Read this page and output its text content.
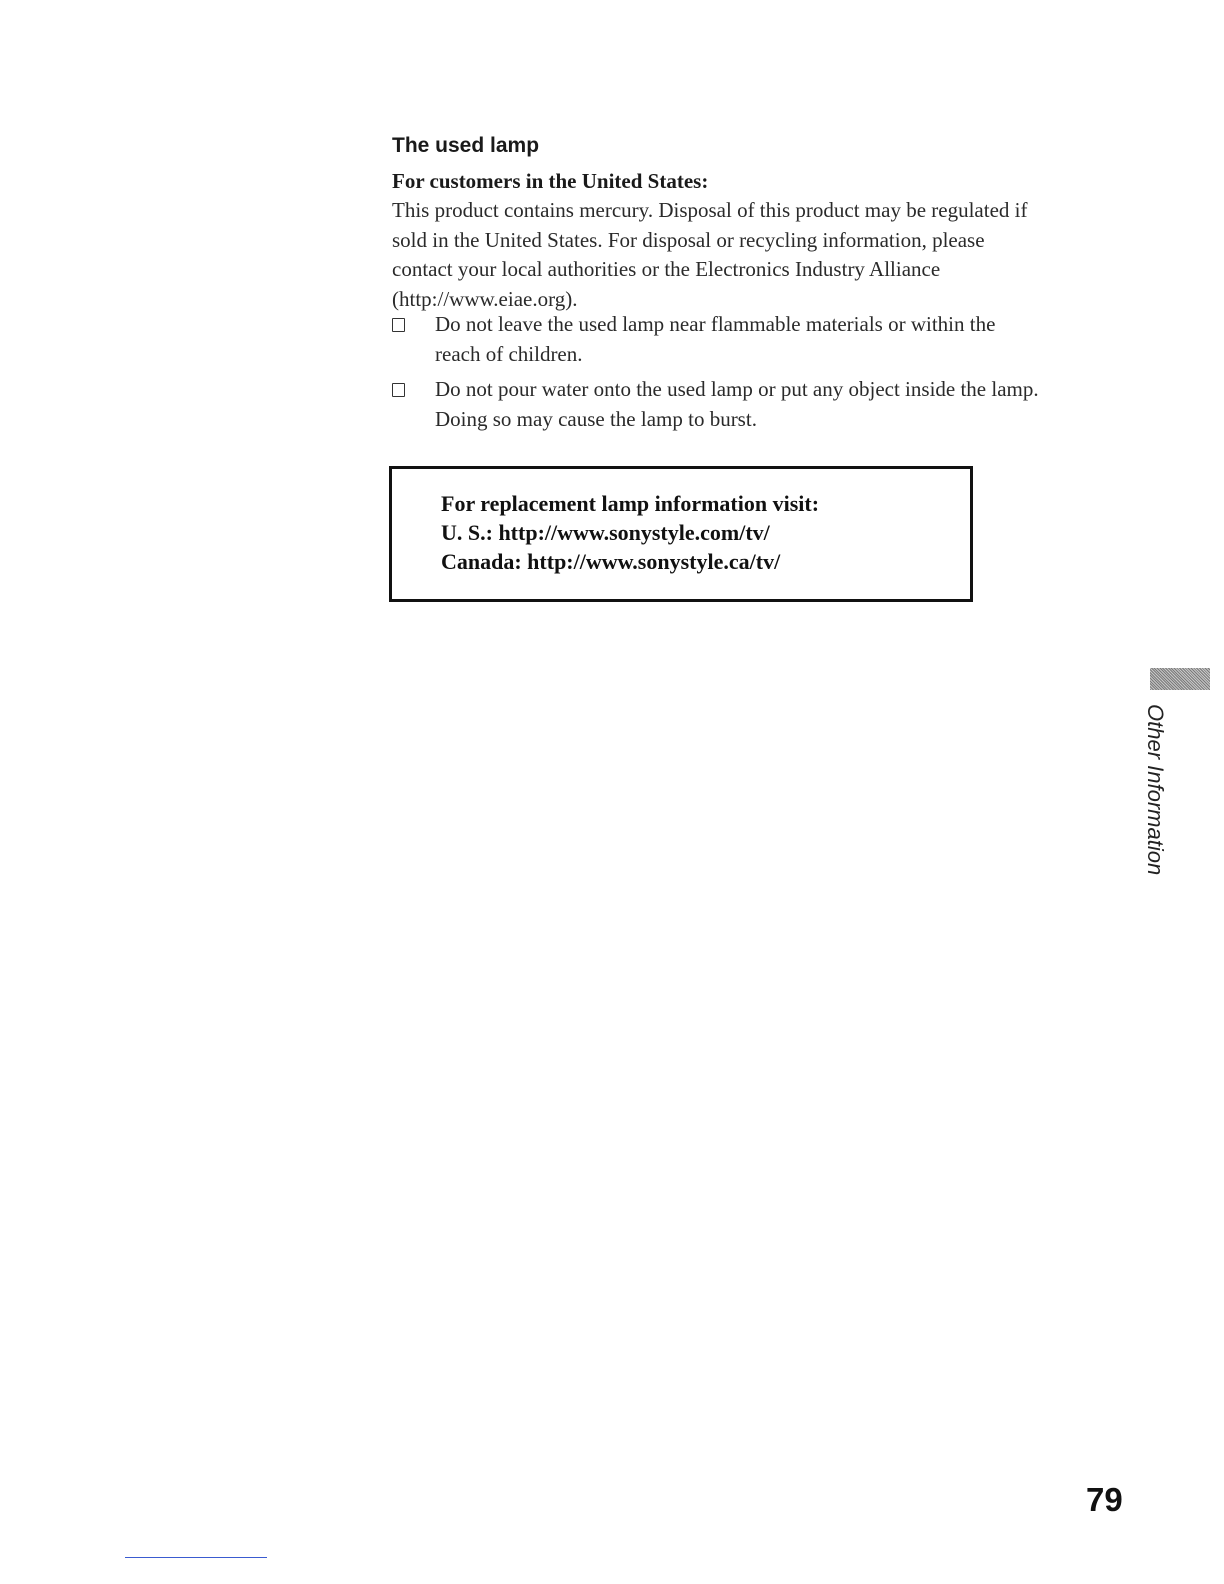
The used lamp
For customers in the United States:

This product contains mercury. Disposal of this product may be regulated if
sold in the United States. For disposal or recycling information, please
contact your local authorities or the Electronics Industry Alliance
(http://www.eiae.org).

Do not leave the used lamp near flammable materials or within the
reach of children.
Do not pour water onto the used lamp or put any object inside the lamp.
Doing so may cause the lamp to burst.

For replacement lamp information visit:

U. S.: http://www.sonystyle.com/tv/

Canada: http://www.sonystyle.ca/tv/

Other Information
79
